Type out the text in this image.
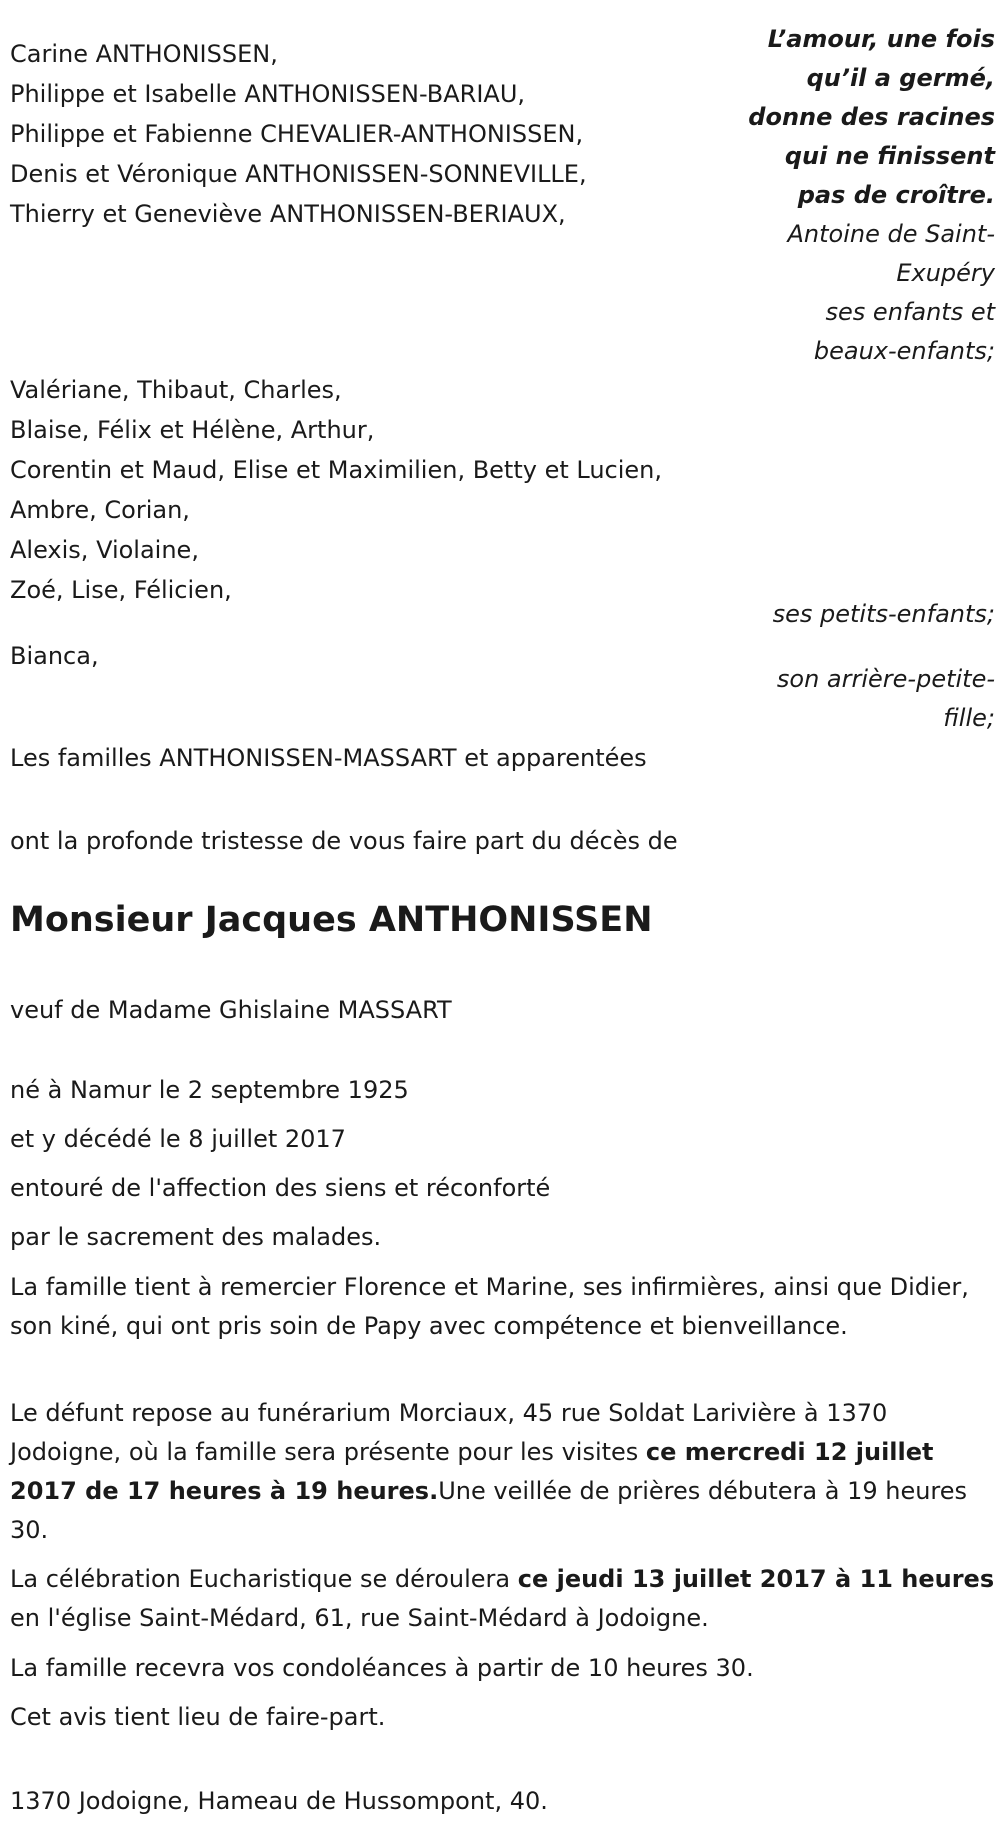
Carine ANTHONISSEN,
Philippe et Isabelle ANTHONISSEN-BARIAU,
Philippe et Fabienne CHEVALIER-ANTHONISSEN,
Denis et Véronique ANTHONISSEN-SONNEVILLE,
Thierry et Geneviève ANTHONISSEN-BERIAUX,
L’amour, une fois
qu’il a germé,
donne des racines
qui ne finissent
pas de croître.
Antoine de Saint-
Exupéry
ses enfants et
beaux-enfants;
Valériane, Thibaut, Charles,
Blaise, Félix et Hélène, Arthur,
Corentin et Maud, Elise et Maximilien, Betty et Lucien,
Ambre, Corian,
Alexis, Violaine,
Zoé, Lise, Félicien,
ses petits-enfants;
Bianca,
son arrière-petite-
fille;
Les familles ANTHONISSEN-MASSART et apparentées
ont la profonde tristesse de vous faire part du décès de
Monsieur Jacques ANTHONISSEN
veuf de Madame Ghislaine MASSART
né à Namur le 2 septembre 1925
et y décédé le 8 juillet 2017
entouré de l'affection des siens et réconforté
par le sacrement des malades.
La famille tient à remercier Florence et Marine, ses infirmières, ainsi que Didier, son kiné, qui ont pris soin de Papy avec compétence et bienveillance.
Le défunt repose au funérarium Morciaux, 45 rue Soldat Larivière à 1370 Jodoigne, où la famille sera présente pour les visites ce mercredi 12 juillet 2017 de 17 heures à 19 heures.Une veillée de prières débutera à 19 heures 30.
La célébration Eucharistique se déroulera ce jeudi 13 juillet 2017 à 11 heures en l'église Saint-Médard, 61, rue Saint-Médard à Jodoigne.
La famille recevra vos condoléances à partir de 10 heures 30.
Cet avis tient lieu de faire-part.
1370 Jodoigne, Hameau de Hussompont, 40.
